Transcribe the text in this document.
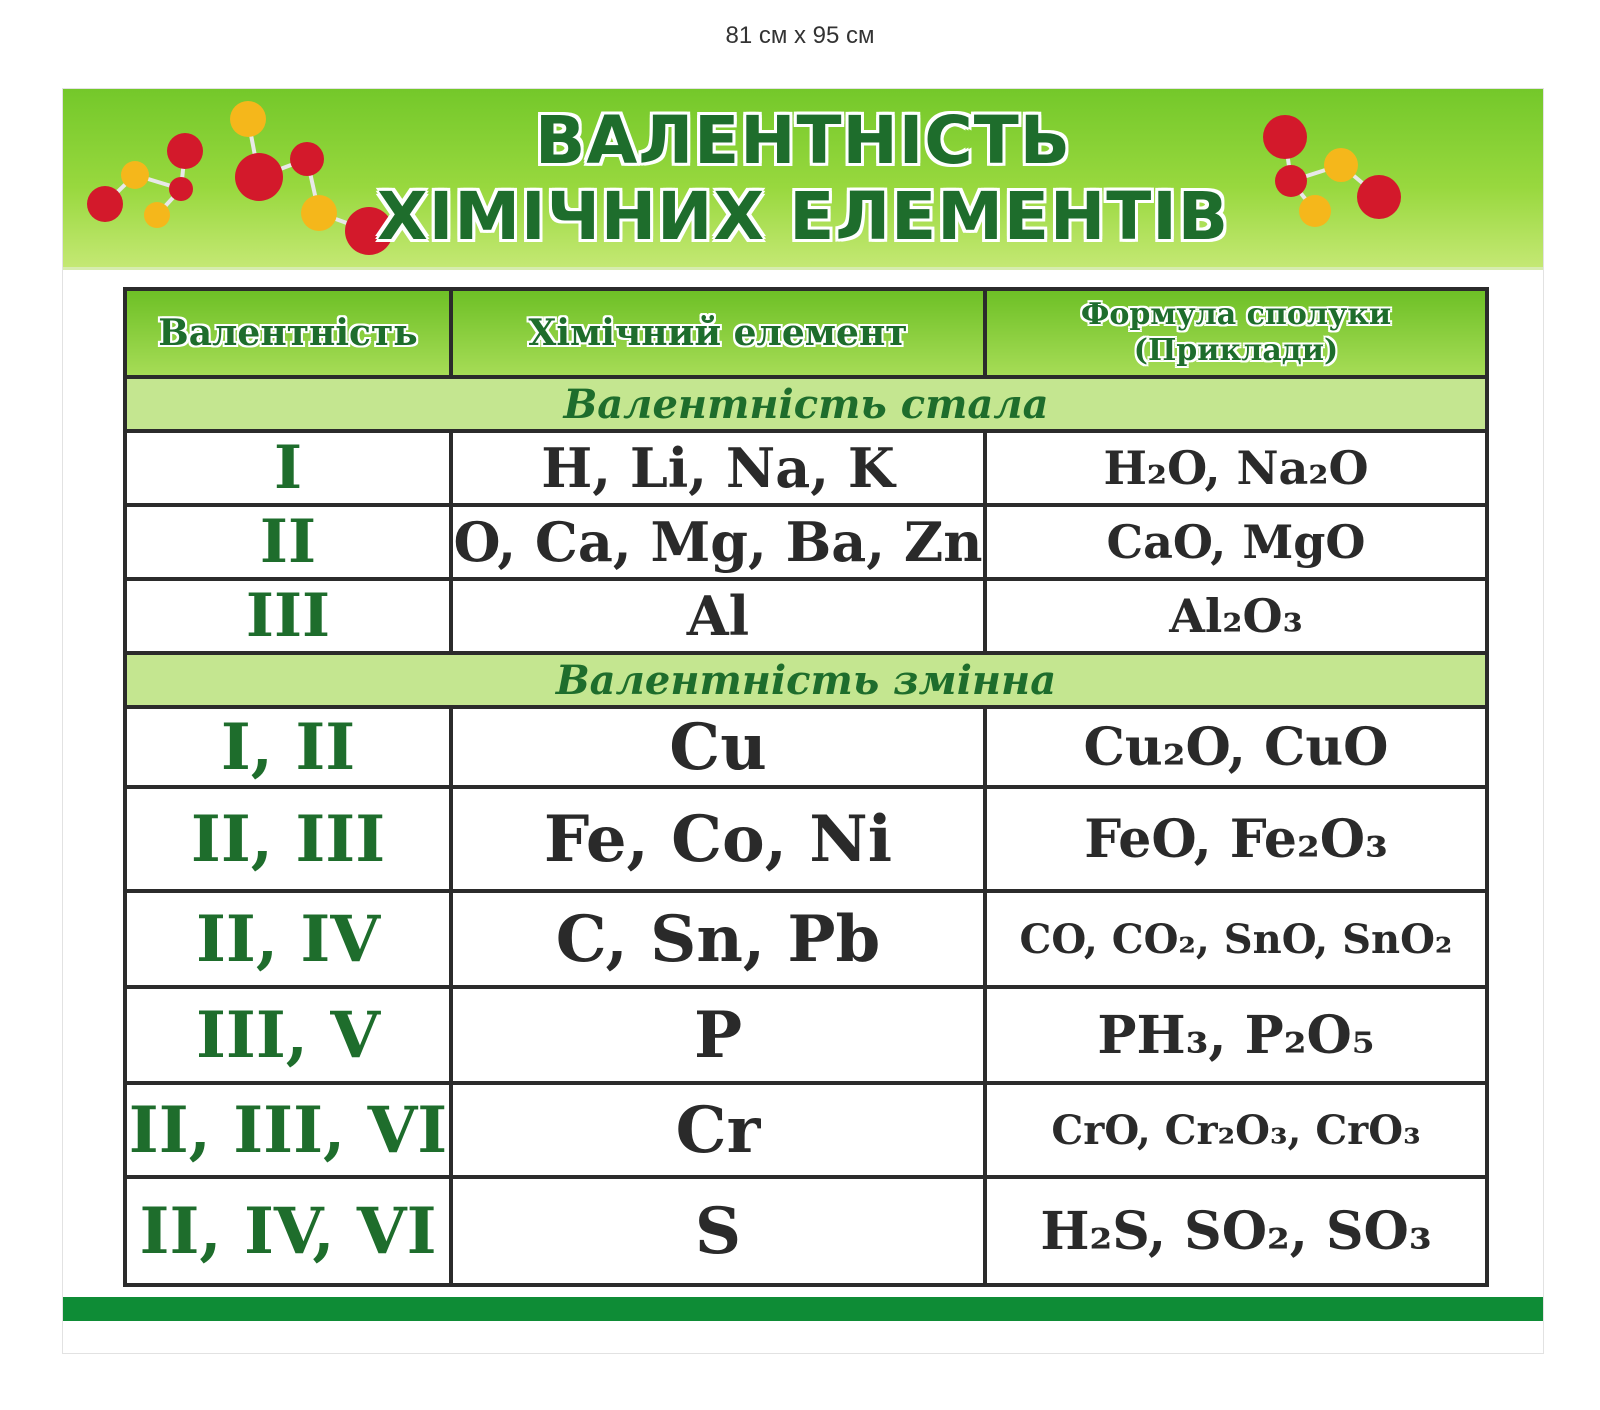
81 см х 95 см
ВАЛЕНТНІСТЬ
ХІМІЧНИХ ЕЛЕМЕНТІВ
Валентність	Хімічний елемент	Формула сполуки
(Приклади)
Валентність стала		
I	H, Li, Na, K	H₂O, Na₂O
II	O, Ca, Mg, Ba, Zn	CaO, MgO
III	Al	Al₂O₃
Валентність змінна		
I, II	Cu	Cu₂O, CuO
II, III	Fe, Co, Ni	FeO, Fe₂O₃
II, IV	C, Sn, Pb	CO, CO₂, SnO, SnO₂
III, V	P	PH₃, P₂O₅
II, III, VI	Cr	CrO, Cr₂O₃, CrO₃
II, IV, VI	S	H₂S, SO₂, SO₃
